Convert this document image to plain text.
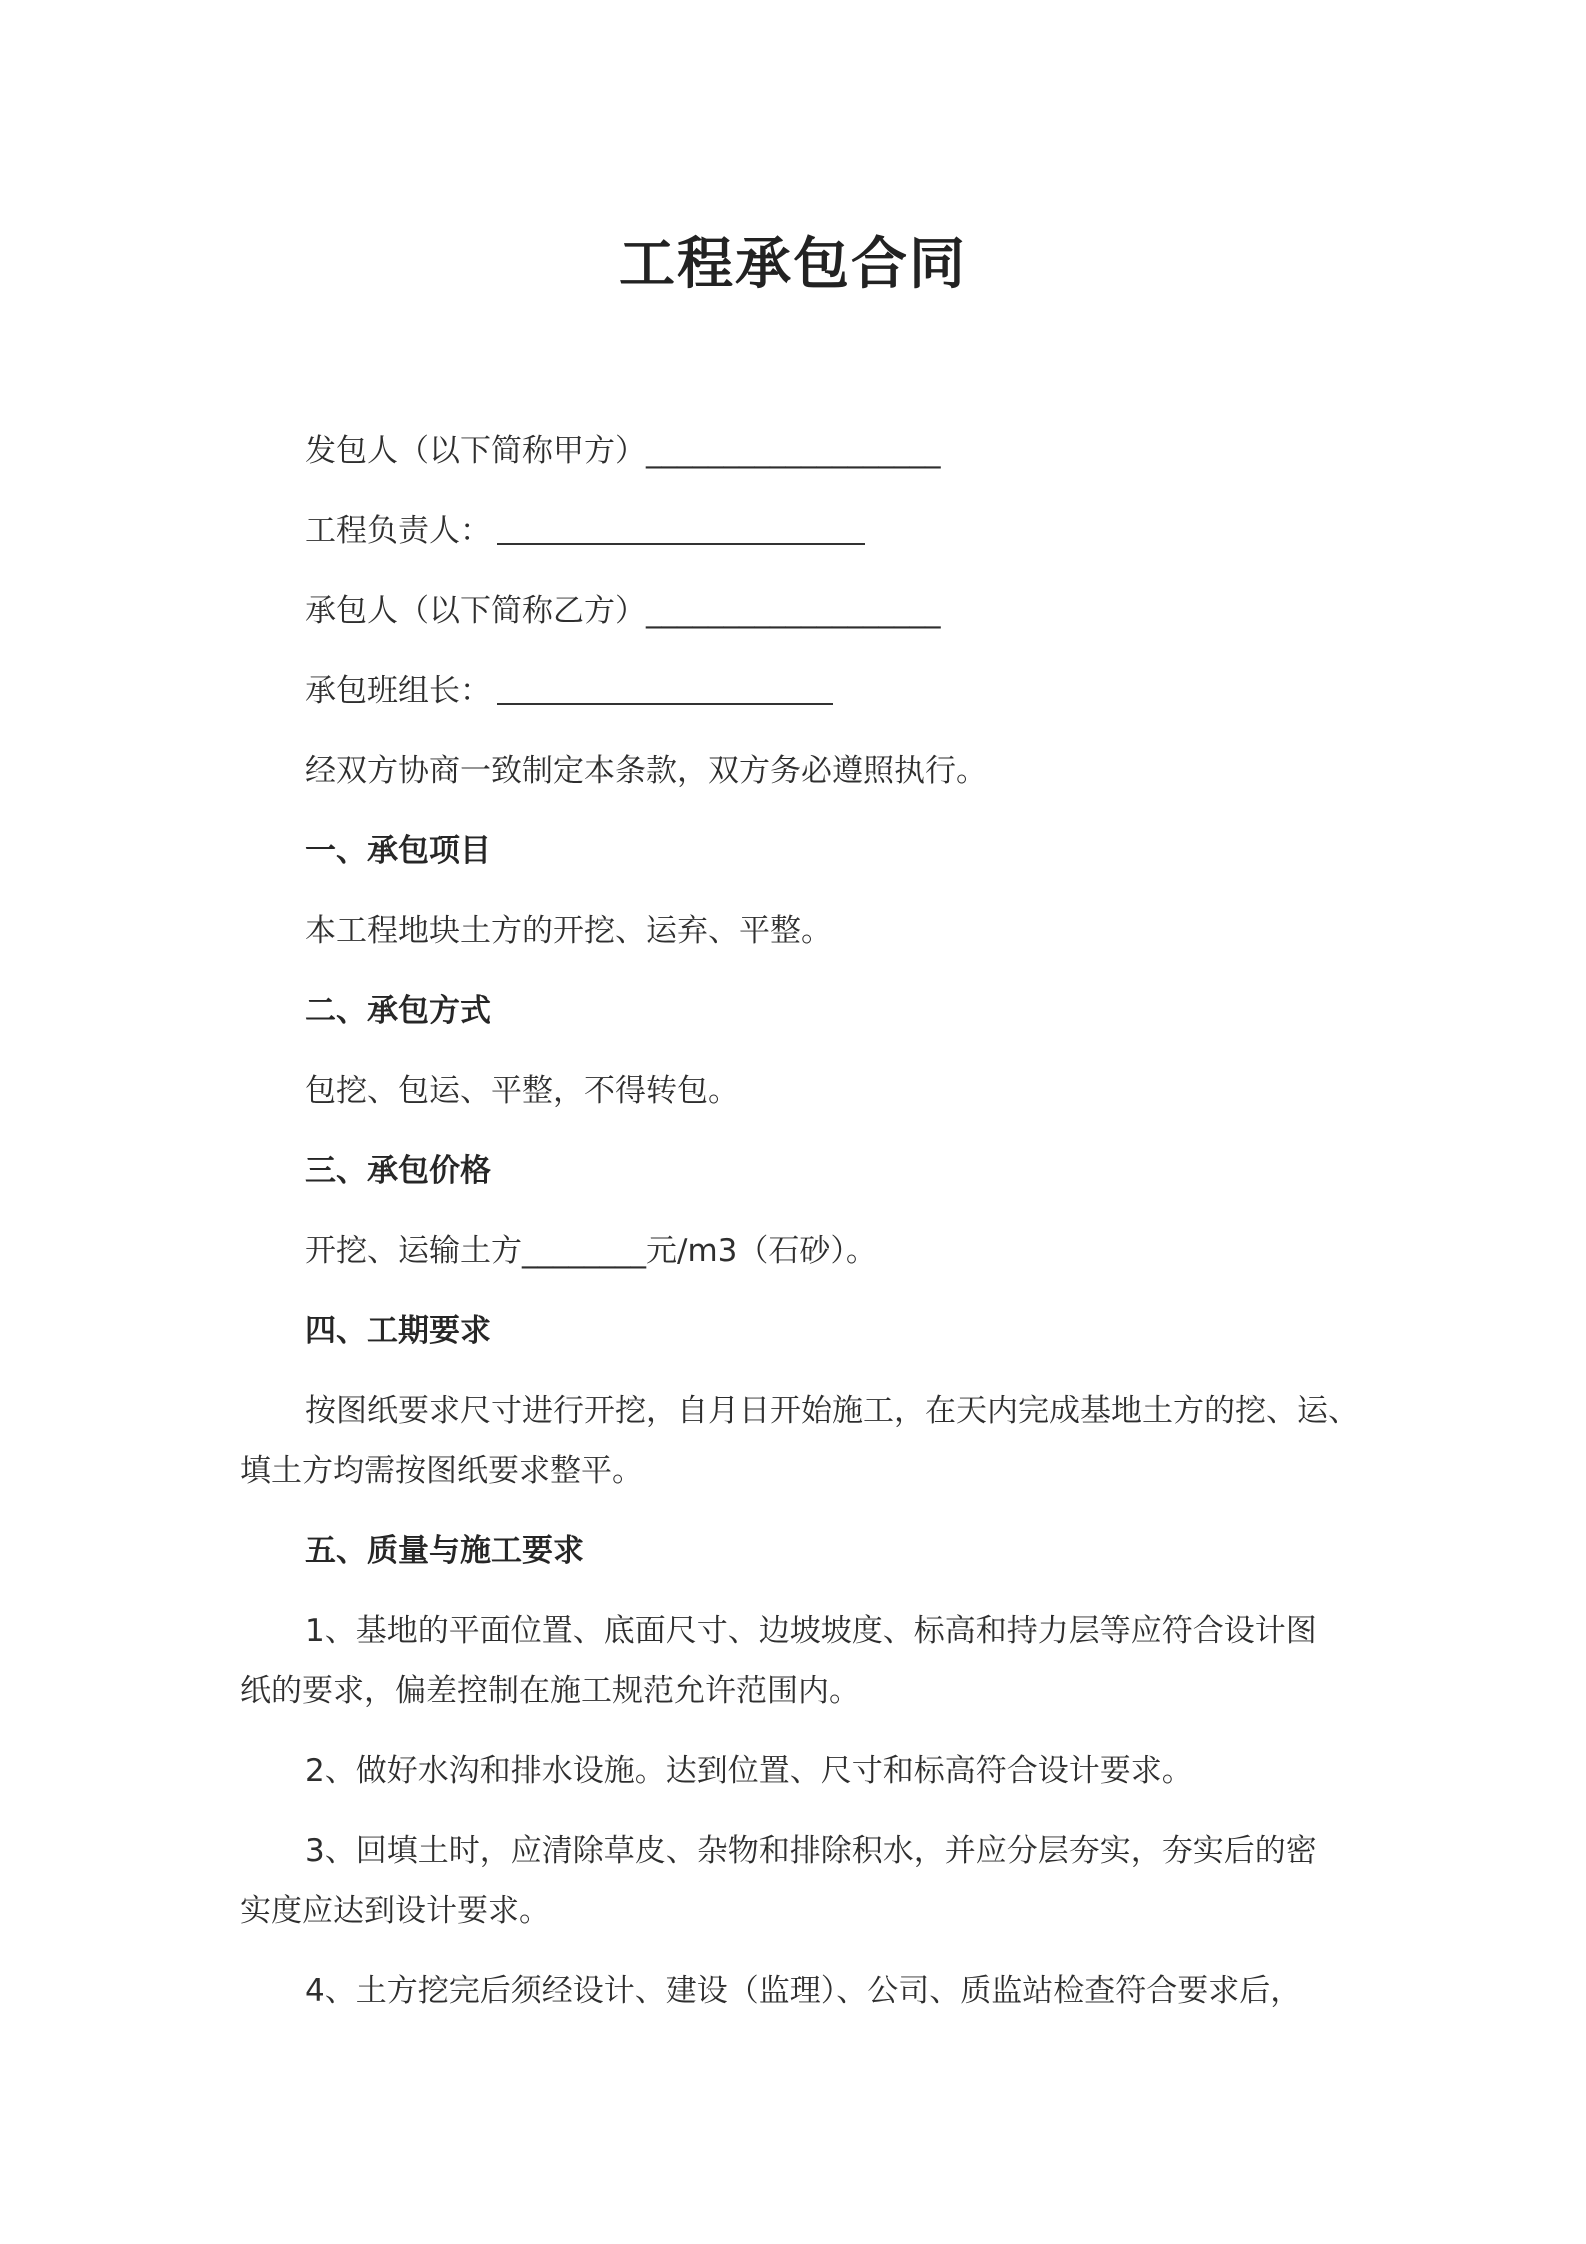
工程承包合同
发包人（以下简称甲方）___________________
工程负责人：
承包人（以下简称乙方）___________________
承包班组长：
经双方协商一致制定本条款，双方务必遵照执行。
一、承包项目
本工程地块土方的开挖、运弃、平整。
二、承包方式
包挖、包运、平整，不得转包。
三、承包价格
开挖、运输土方________元/m3（石砂）。
四、工期要求
按图纸要求尺寸进行开挖，自月日开始施工，在天内完成基地土方的挖、运、
填土方均需按图纸要求整平。
五、质量与施工要求
1、基地的平面位置、底面尺寸、边坡坡度、标高和持力层等应符合设计图
纸的要求，偏差控制在施工规范允许范围内。
2、做好水沟和排水设施。达到位置、尺寸和标高符合设计要求。
3、回填土时，应清除草皮、杂物和排除积水，并应分层夯实，夯实后的密
实度应达到设计要求。
4、土方挖完后须经设计、建设（监理）、公司、质监站检查符合要求后，
